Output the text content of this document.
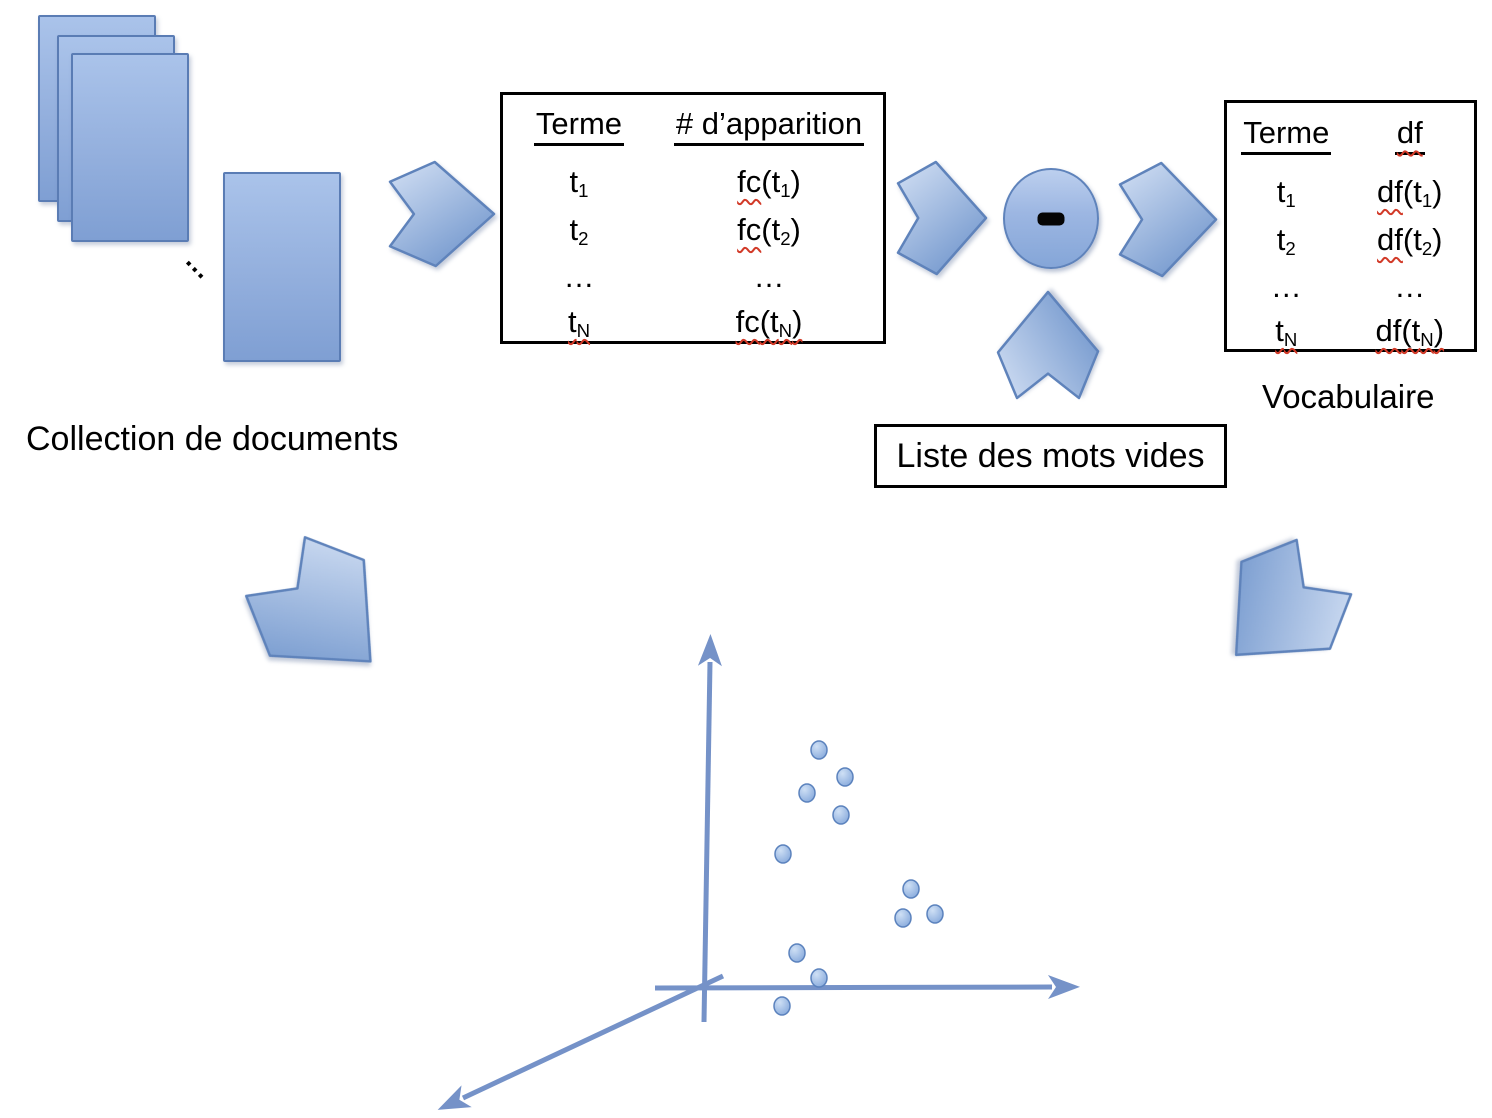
…
Collection de documents
Terme # d’apparition
$t_1$	$fc(t_1)$
$t_2$	$fc(t_2)$
…	…
$t_N$	$fc(t_N)$
Liste des mots vides
Terme df
$t_1$	$df(t_1)$
$t_2$	$df(t_2)$
…	…
$t_N$	$df(t_N)$
Vocabulaire
